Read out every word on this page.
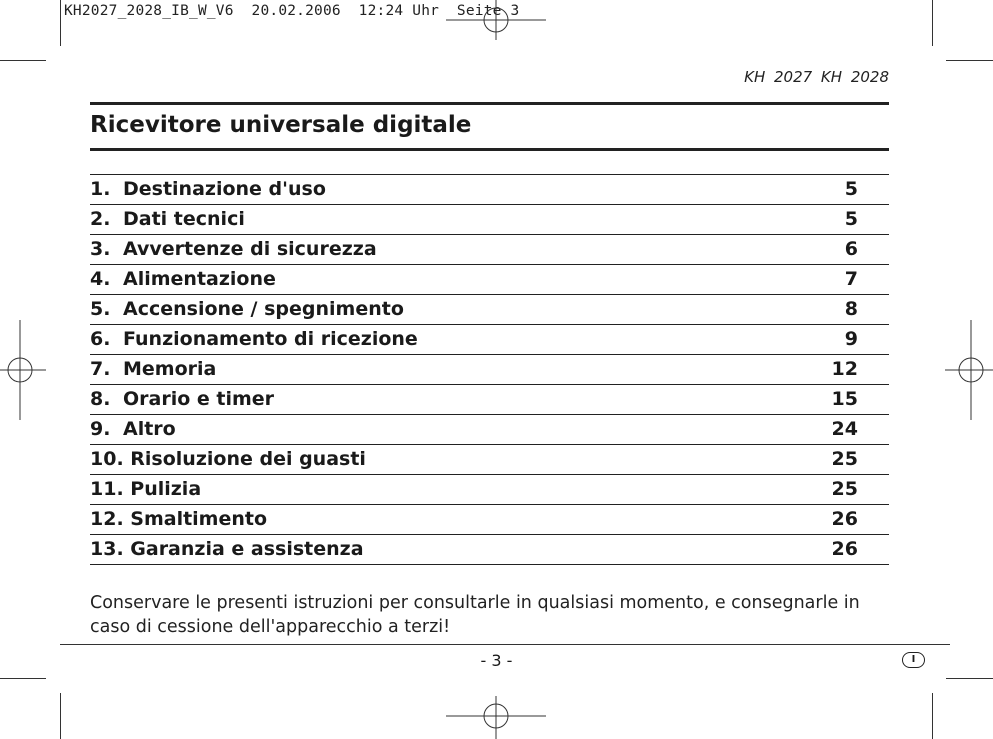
KH2027_2028_IB_W_V6  20.02.2006  12:24 Uhr  Seite 3
KH 2027 KH 2028
Ricevitore universale digitale
1. Destinazione d'uso	5
2. Dati tecnici	5
3. Avvertenze di sicurezza	6
4. Alimentazione	7
5. Accensione / spegnimento	8
6. Funzionamento di ricezione	9
7. Memoria	12
8. Orario e timer	15
9. Altro	24
10. Risoluzione dei guasti	25
11. Pulizia	25
12. Smaltimento	26
13. Garanzia e assistenza	26
Conservare le presenti istruzioni per consultarle in qualsiasi momento, e consegnarle in caso di cessione dell'apparecchio a terzi!
- 3 -	I
